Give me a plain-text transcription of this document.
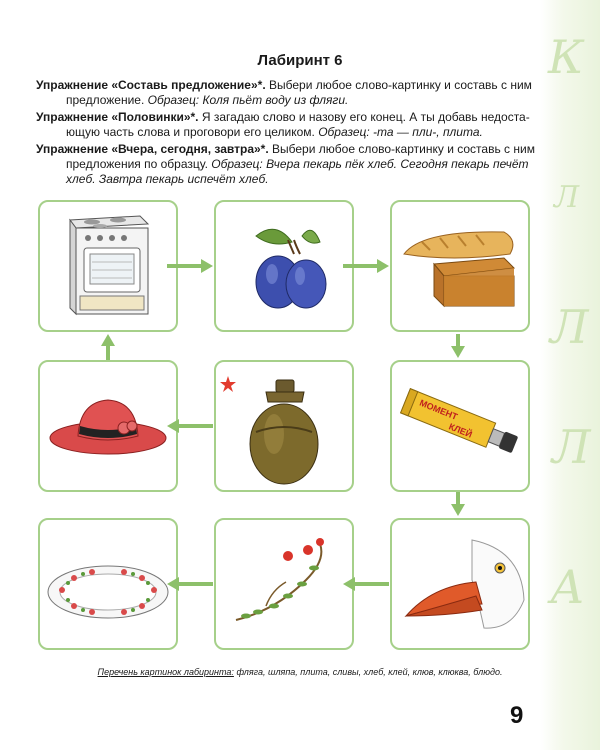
К
Л
Л
Л
А
Лабиринт 6
Упражнение «Составь предложение»*. Выбери любое слово-картинку и составь с ним
предложение. Образец: Коля пьёт воду из фляги.
Упражнение «Половинки»*. Я загадаю слово и назову его конец. А ты добавь недоста-
ющую часть слова и проговори его целиком. Образец: -та — пли-, плита.
Упражнение «Вчера, сегодня, завтра»*. Выбери любое слово-картинку и составь с ним
предложения по образцу. Образец: Вчера пекарь пёк хлеб. Сегодня пекарь печёт
хлеб. Завтра пекарь испечёт хлеб.
МОМЕНТ
КЛЕЙ
Перечень картинок лабиринта: фляга, шляпа, плита, сливы, хлеб, клей, клюв, клюква, блюдо.
9
